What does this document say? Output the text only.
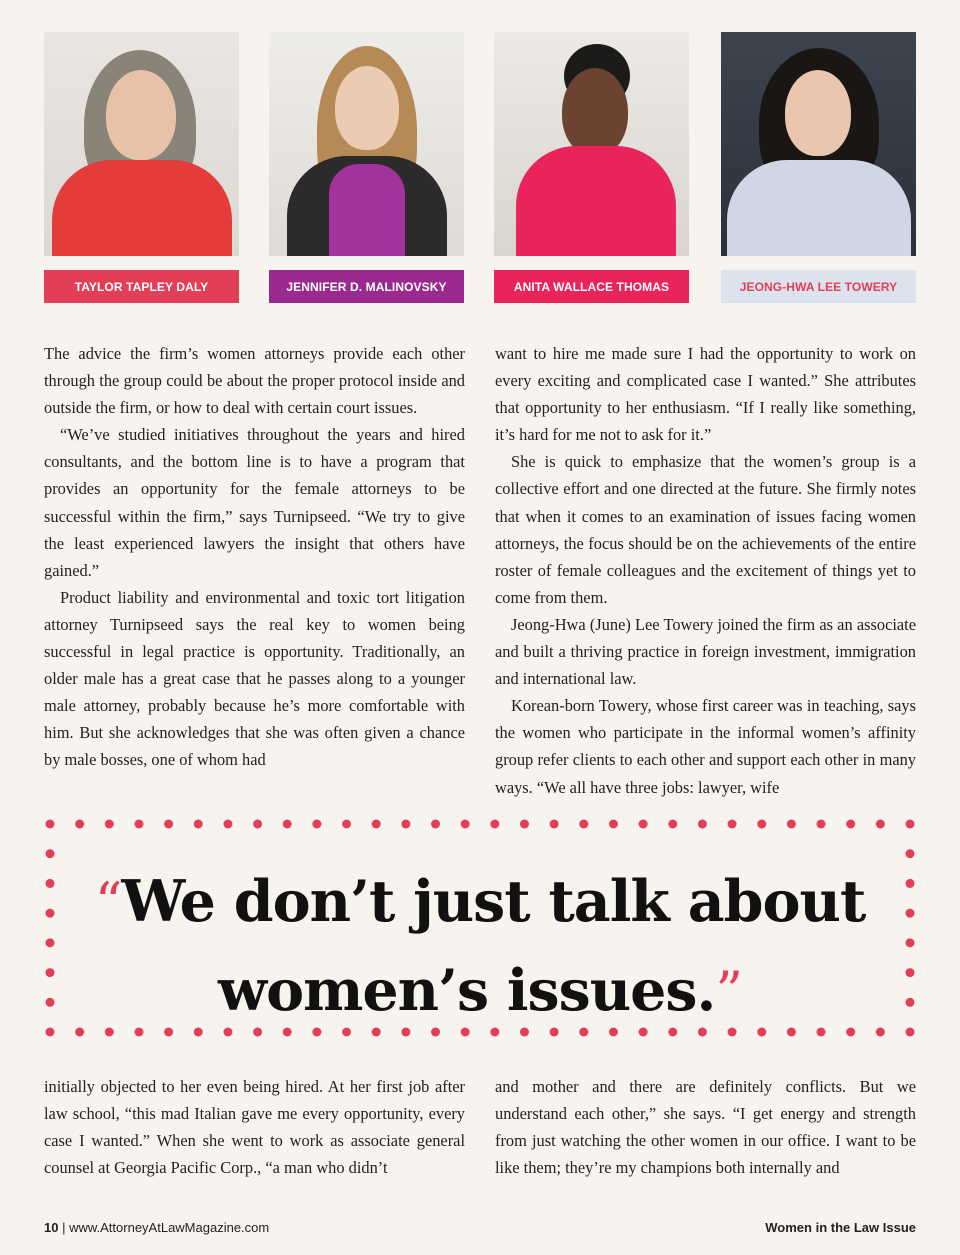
TAYLOR TAPLEY DALY	JENNIFER D. MALINOVSKY	ANITA WALLACE THOMAS	JEONG-HWA LEE TOWERY

The advice the firm’s women attorneys provide each other through the group could be about the proper protocol inside and outside the firm, or how to deal with certain court issues.

“We’ve studied initiatives throughout the years and hired consultants, and the bottom line is to have a program that provides an opportunity for the female attorneys to be successful within the firm,” says Turnipseed. “We try to give the least experienced lawyers the insight that others have gained.”

Product liability and environmental and toxic tort litigation attorney Turnipseed says the real key to women being successful in legal practice is opportunity. Traditionally, an older male has a great case that he passes along to a younger male attorney, probably because he’s more comfortable with him. But she acknowledges that she was often given a chance by male bosses, one of whom had

want to hire me made sure I had the opportunity to work on every exciting and complicated case I wanted.” She attributes that opportunity to her enthusiasm. “If I really like something, it’s hard for me not to ask for it.”

She is quick to emphasize that the women’s group is a collective effort and one directed at the future. She firmly notes that when it comes to an examination of issues facing women attorneys, the focus should be on the achievements of the entire roster of female colleagues and the excitement of things yet to come from them.

Jeong-Hwa (June) Lee Towery joined the firm as an associate and built a thriving practice in foreign investment, immigration and international law.

Korean-born Towery, whose first career was in teaching, says the women who participate in the informal women’s affinity group refer clients to each other and support each other in many ways. “We all have three jobs: lawyer, wife

“We don’t just talk about
women’s issues.”

initially objected to her even being hired. At her first job after law school, “this mad Italian gave me every opportunity, every case I wanted.” When she went to work as associate general counsel at Georgia Pacific Corp., “a man who didn’t

and mother and there are definitely conflicts. But we understand each other,” she says. “I get energy and strength from just watching the other women in our office. I want to be like them; they’re my champions both internally and

10 | www.AttorneyAtLawMagazine.com	Women in the Law Issue
